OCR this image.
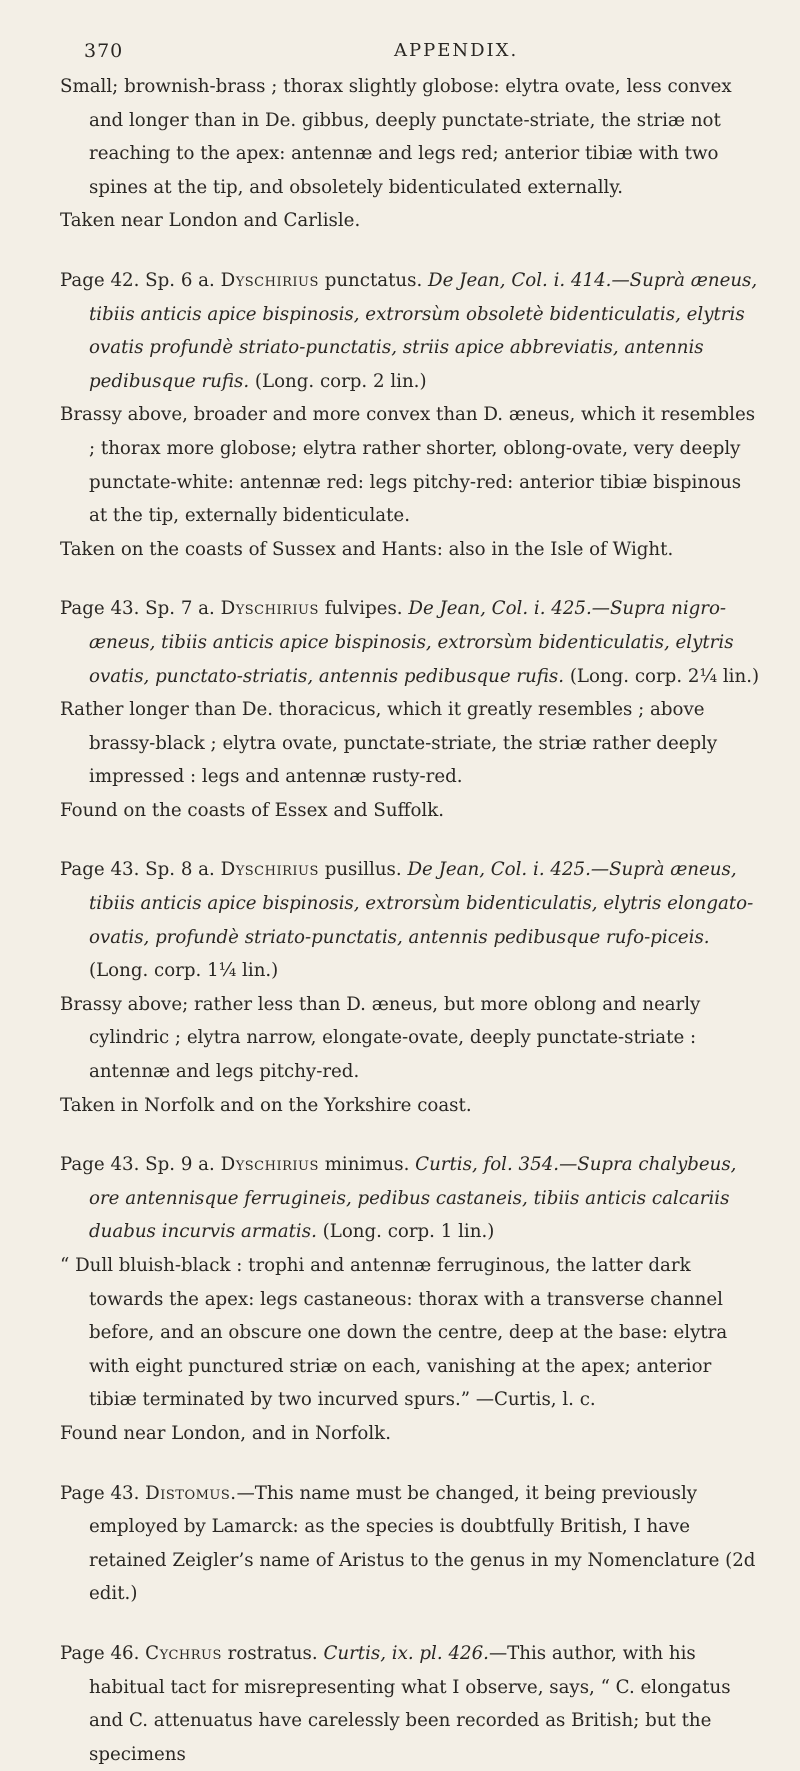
370	APPENDIX.

Small; brownish-brass ; thorax slightly globose: elytra ovate, less convex and longer than in De. gibbus, deeply punctate-striate, the striæ not reaching to the apex: antennæ and legs red; anterior tibiæ with two spines at the tip, and obsoletely bidenticulated externally.

Taken near London and Carlisle.

Page 42. Sp. 6 a. Dyschirius punctatus. De Jean, Col. i. 414.—Suprà æneus, tibiis anticis apice bispinosis, extrorsùm obsoletè bidenticulatis, elytris ovatis profundè striato-punctatis, striis apice abbreviatis, antennis pedibusque rufis. (Long. corp. 2 lin.)

Brassy above, broader and more convex than D. æneus, which it resembles ; thorax more globose; elytra rather shorter, oblong-ovate, very deeply punctate-white: antennæ red: legs pitchy-red: anterior tibiæ bispinous at the tip, externally bidenticulate.

Taken on the coasts of Sussex and Hants: also in the Isle of Wight.

Page 43. Sp. 7 a. Dyschirius fulvipes. De Jean, Col. i. 425.—Supra nigro-æneus, tibiis anticis apice bispinosis, extrorsùm bidenticulatis, elytris ovatis, punctato-striatis, antennis pedibusque rufis. (Long. corp. 2¼ lin.)

Rather longer than De. thoracicus, which it greatly resembles ; above brassy-black ; elytra ovate, punctate-striate, the striæ rather deeply impressed : legs and antennæ rusty-red.

Found on the coasts of Essex and Suffolk.

Page 43. Sp. 8 a. Dyschirius pusillus. De Jean, Col. i. 425.—Suprà æneus, tibiis anticis apice bispinosis, extrorsùm bidenticulatis, elytris elongato-ovatis, profundè striato-punctatis, antennis pedibusque rufo-piceis. (Long. corp. 1¼ lin.)

Brassy above; rather less than D. æneus, but more oblong and nearly cylindric ; elytra narrow, elongate-ovate, deeply punctate-striate : antennæ and legs pitchy-red.

Taken in Norfolk and on the Yorkshire coast.

Page 43. Sp. 9 a. Dyschirius minimus. Curtis, fol. 354.—Supra chalybeus, ore antennisque ferrugineis, pedibus castaneis, tibiis anticis calcariis duabus incurvis armatis. (Long. corp. 1 lin.)

“ Dull bluish-black : trophi and antennæ ferruginous, the latter dark towards the apex: legs castaneous: thorax with a transverse channel before, and an obscure one down the centre, deep at the base: elytra with eight punctured striæ on each, vanishing at the apex; anterior tibiæ terminated by two incurved spurs.” —Curtis, l. c.

Found near London, and in Norfolk.

Page 43. Distomus.—This name must be changed, it being previously employed by Lamarck: as the species is doubtfully British, I have retained Zeigler’s name of Aristus to the genus in my Nomenclature (2d edit.)

Page 46. Cychrus rostratus. Curtis, ix. pl. 426.—This author, with his habitual tact for misrepresenting what I observe, says, “ C. elongatus and C. attenuatus have carelessly been recorded as British; but the specimens
